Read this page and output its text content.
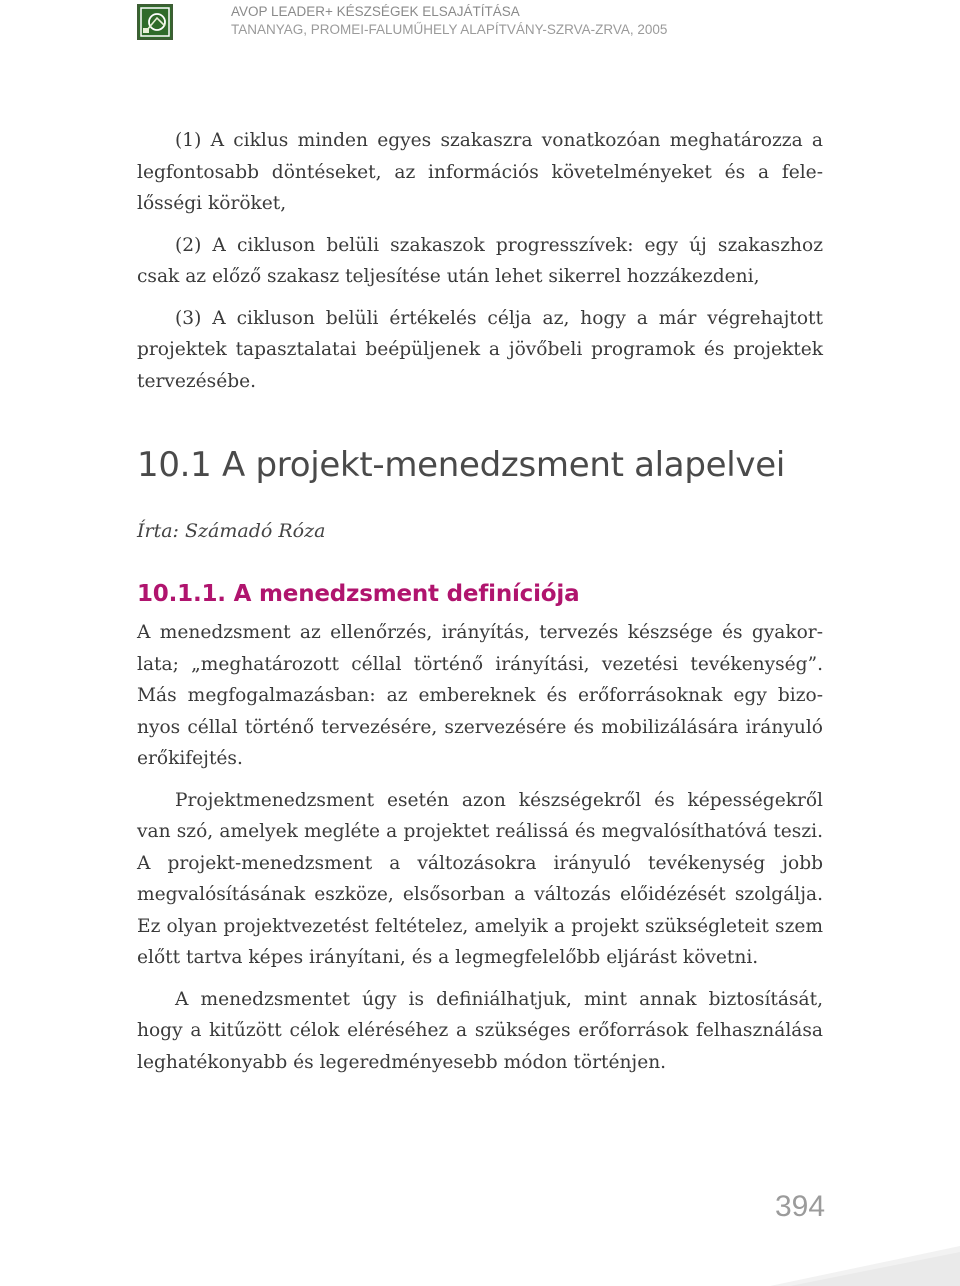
AVOP LEADER+ KÉSZSÉGEK ELSAJÁTÍTÁSA
TANANYAG, PROMEI-FALUMŰHELY ALAPÍTVÁNY-SZRVA-ZRVA, 2005

(1) A ciklus minden egyes szakaszra vonatkozóan meghatározza a legfontosabb döntéseket, az információs követelményeket és a felelősségi köröket,

(2) A cikluson belüli szakaszok progresszívek: egy új szakaszhoz csak az előző szakasz teljesítése után lehet sikerrel hozzákezdeni,

(3) A cikluson belüli értékelés célja az, hogy a már végrehajtott projektek tapasztalatai beépüljenek a jövőbeli programok és projektek tervezésébe.

10.1 A projekt-menedzsment alapelvei
Írta: Számadó Róza
10.1.1. A menedzsment definíciója

A menedzsment az ellenőrzés, irányítás, tervezés készsége és gyakorlata; „meghatározott céllal történő irányítási, vezetési tevékenység”. Más megfogalmazásban: az embereknek és erőforrásoknak egy bizonyos céllal történő tervezésére, szervezésére és mobilizálására irányuló erőkifejtés.

Projektmenedzsment esetén azon készségekről és képességekről van szó, amelyek megléte a projektet reálissá és megvalósíthatóvá teszi. A projekt-menedzsment a változásokra irányuló tevékenység jobb megvalósításának eszköze, elsősorban a változás előidézését szolgálja. Ez olyan projektvezetést feltételez, amelyik a projekt szükségleteit szem előtt tartva képes irányítani, és a legmegfelelőbb eljárást követni.

A menedzsmentet úgy is definiálhatjuk, mint annak biztosítását, hogy a kitűzött célok eléréséhez a szükséges erőforrások felhasználása leghatékonyabb és legeredményesebb módon történjen.

394
